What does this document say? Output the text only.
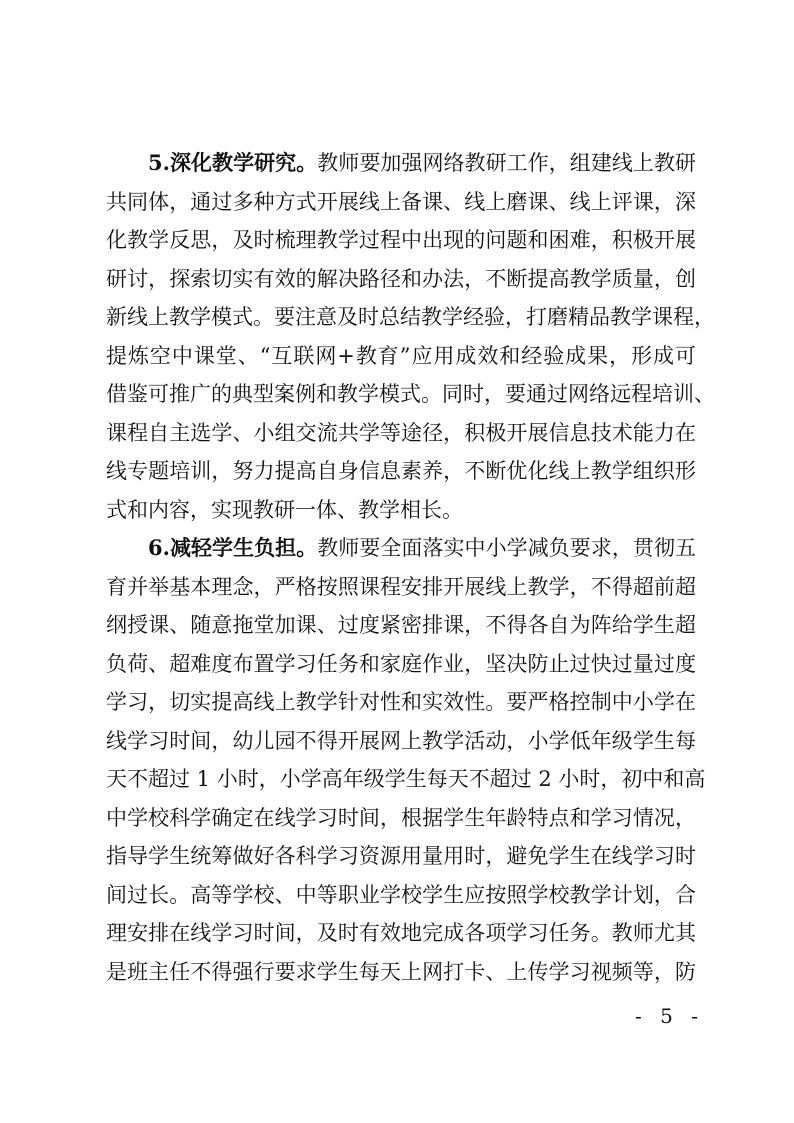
5.深化教学研究。教师要加强网络教研工作，组建线上教研
共同体，通过多种方式开展线上备课、线上磨课、线上评课，深
化教学反思，及时梳理教学过程中出现的问题和困难，积极开展
研讨，探索切实有效的解决路径和办法，不断提高教学质量，创
新线上教学模式。要注意及时总结教学经验，打磨精品教学课程，
提炼空中课堂、“互联网+教育”应用成效和经验成果，形成可
借鉴可推广的典型案例和教学模式。同时，要通过网络远程培训、
课程自主选学、小组交流共学等途径，积极开展信息技术能力在
线专题培训，努力提高自身信息素养，不断优化线上教学组织形
式和内容，实现教研一体、教学相长。
6.减轻学生负担。教师要全面落实中小学减负要求，贯彻五
育并举基本理念，严格按照课程安排开展线上教学，不得超前超
纲授课、随意拖堂加课、过度紧密排课，不得各自为阵给学生超
负荷、超难度布置学习任务和家庭作业，坚决防止过快过量过度
学习，切实提高线上教学针对性和实效性。要严格控制中小学在
线学习时间，幼儿园不得开展网上教学活动，小学低年级学生每
天不超过 1 小时，小学高年级学生每天不超过 2 小时，初中和高
中学校科学确定在线学习时间，根据学生年龄特点和学习情况，
指导学生统筹做好各科学习资源用量用时，避免学生在线学习时
间过长。高等学校、中等职业学校学生应按照学校教学计划，合
理安排在线学习时间，及时有效地完成各项学习任务。教师尤其
是班主任不得强行要求学生每天上网打卡、上传学习视频等，防
- 5 -
